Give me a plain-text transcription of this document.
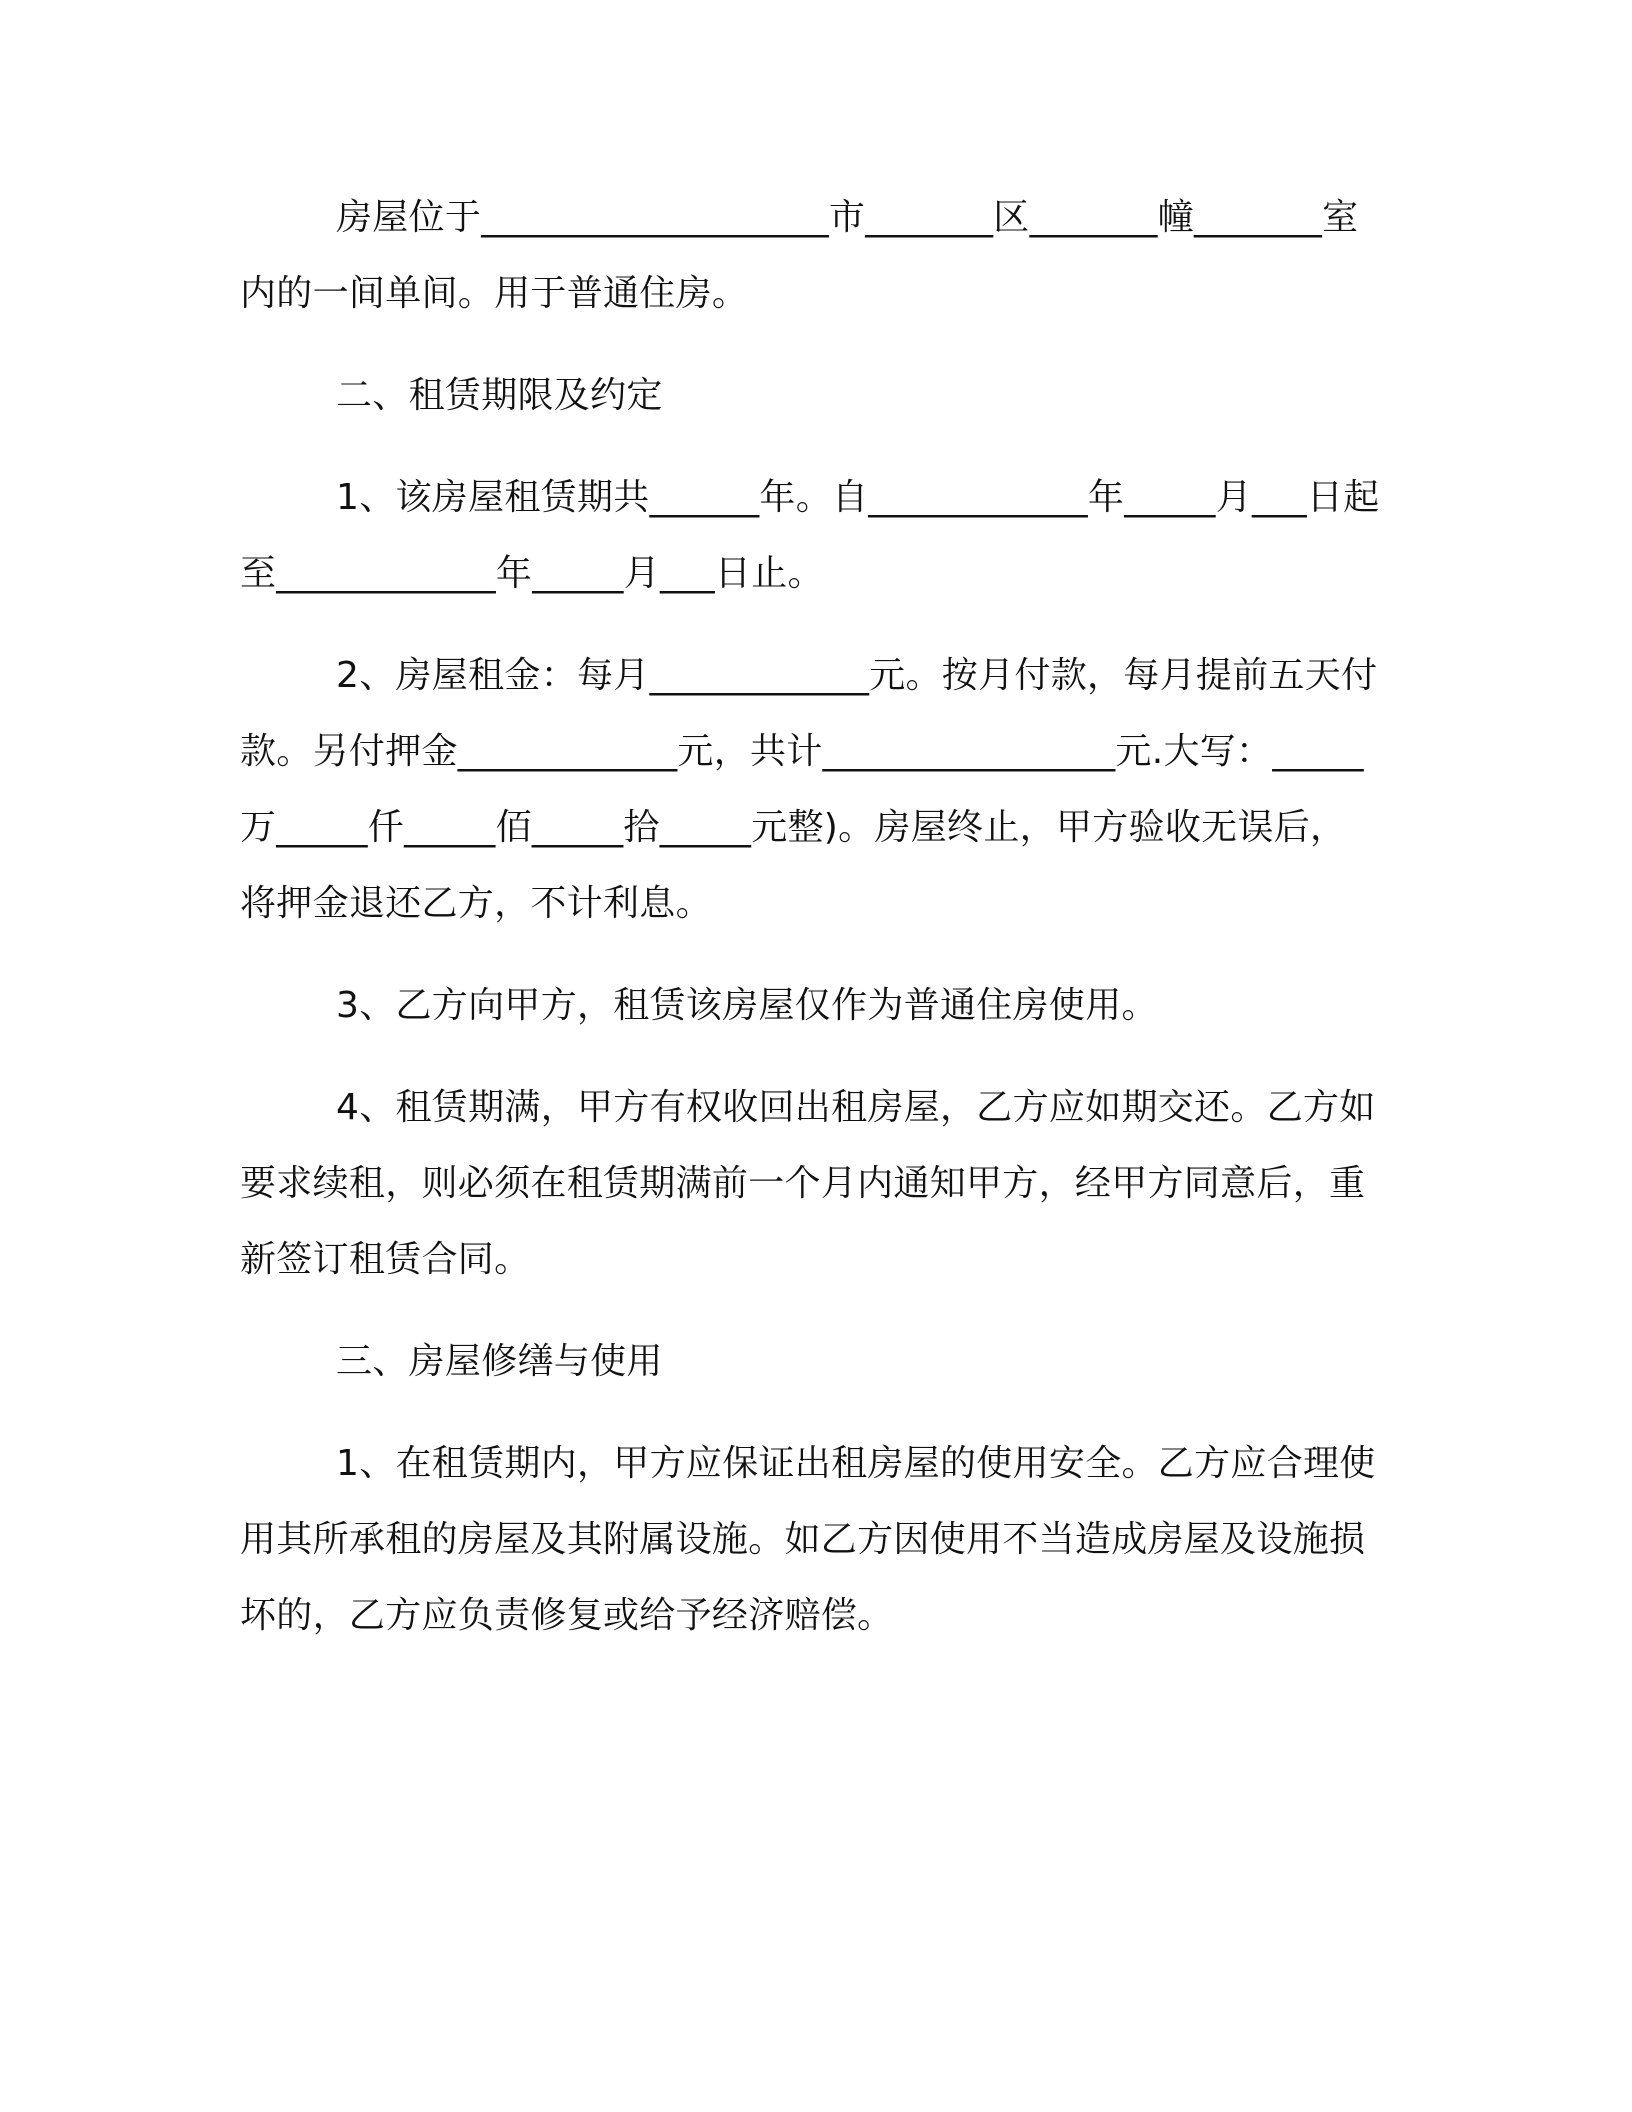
房屋位于___________________市_______区_______幢_______室内的一间单间。用于普通住房。

二、租赁期限及约定

1、该房屋租赁期共______年。自____________年_____月___日起至____________年_____月___日止。

2、房屋租金：每月____________元。按月付款，每月提前五天付款。另付押金____________元，共计________________元.大写：_____万_____仟_____佰_____拾_____元整)。房屋终止，甲方验收无误后，将押金退还乙方，不计利息。

3、乙方向甲方，租赁该房屋仅作为普通住房使用。

4、租赁期满，甲方有权收回出租房屋，乙方应如期交还。乙方如要求续租，则必须在租赁期满前一个月内通知甲方，经甲方同意后，重新签订租赁合同。

三、房屋修缮与使用

1、在租赁期内，甲方应保证出租房屋的使用安全。乙方应合理使用其所承租的房屋及其附属设施。如乙方因使用不当造成房屋及设施损坏的，乙方应负责修复或给予经济赔偿。
